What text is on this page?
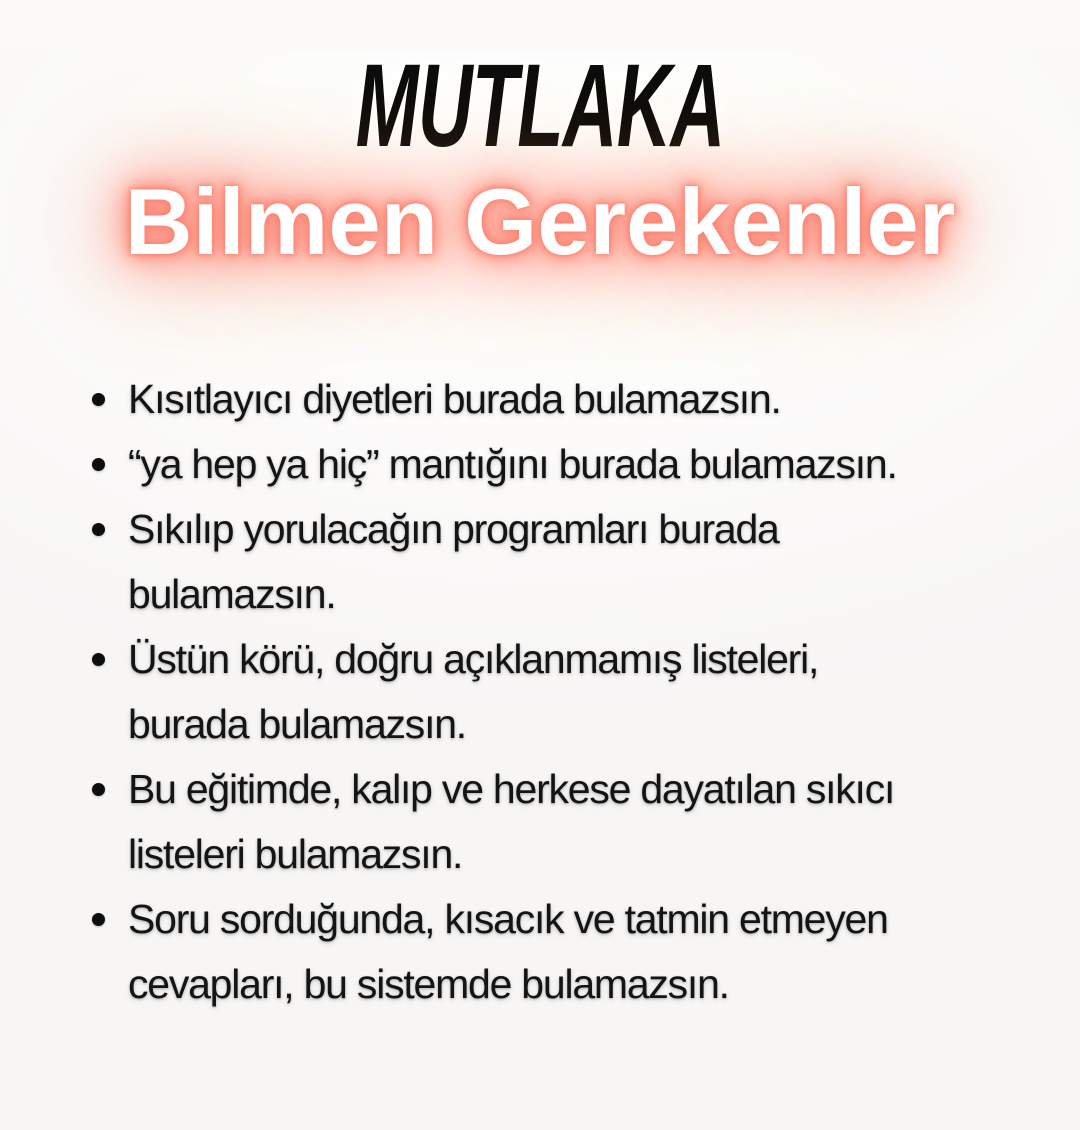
MUTLAKA
Bilmen Gerekenler
Kısıtlayıcı diyetleri burada bulamazsın.
“ya hep ya hiç” mantığını burada bulamazsın.
Sıkılıp yorulacağın programları burada
bulamazsın.
Üstün körü, doğru açıklanmamış listeleri,
burada bulamazsın.
Bu eğitimde, kalıp ve herkese dayatılan sıkıcı
listeleri bulamazsın.
Soru sorduğunda, kısacık ve tatmin etmeyen
cevapları, bu sistemde bulamazsın.
